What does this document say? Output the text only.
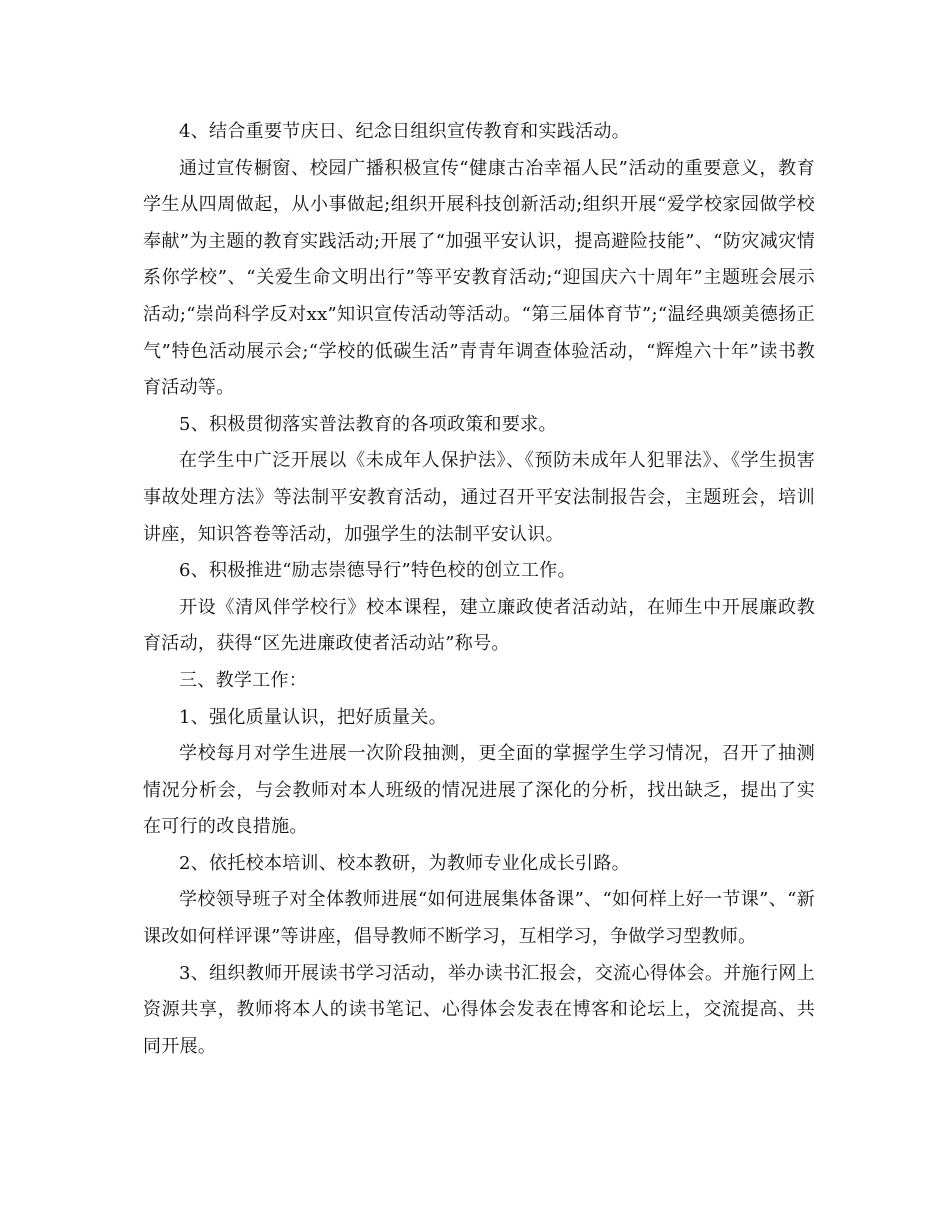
4、结合重要节庆日、纪念日组织宣传教育和实践活动。

通过宣传橱窗、校园广播积极宣传“健康古冶幸福人民”活动的重要意义，教育学生从四周做起，从小事做起;组织开展科技创新活动;组织开展“爱学校家园做学校奉献”为主题的教育实践活动;开展了“加强平安认识，提高避险技能”、“防灾减灾情系你学校”、“关爱生命文明出行”等平安教育活动;“迎国庆六十周年”主题班会展示活动;“崇尚科学反对xx”知识宣传活动等活动。“第三届体育节”;“温经典颂美德扬正气”特色活动展示会;“学校的低碳生活”青青年调查体验活动，“辉煌六十年”读书教育活动等。

5、积极贯彻落实普法教育的各项政策和要求。

在学生中广泛开展以《未成年人保护法》、《预防未成年人犯罪法》、《学生损害事故处理方法》等法制平安教育活动，通过召开平安法制报告会，主题班会，培训讲座，知识答卷等活动，加强学生的法制平安认识。

6、积极推进“励志崇德导行”特色校的创立工作。

开设《清风伴学校行》校本课程，建立廉政使者活动站，在师生中开展廉政教育活动，获得“区先进廉政使者活动站”称号。

三、教学工作：

1、强化质量认识，把好质量关。

学校每月对学生进展一次阶段抽测，更全面的掌握学生学习情况，召开了抽测情况分析会，与会教师对本人班级的情况进展了深化的分析，找出缺乏，提出了实在可行的改良措施。

2、依托校本培训、校本教研，为教师专业化成长引路。

学校领导班子对全体教师进展“如何进展集体备课”、“如何样上好一节课”、“新课改如何样评课”等讲座，倡导教师不断学习，互相学习，争做学习型教师。

3、组织教师开展读书学习活动，举办读书汇报会，交流心得体会。并施行网上资源共享，教师将本人的读书笔记、心得体会发表在博客和论坛上，交流提高、共同开展。
